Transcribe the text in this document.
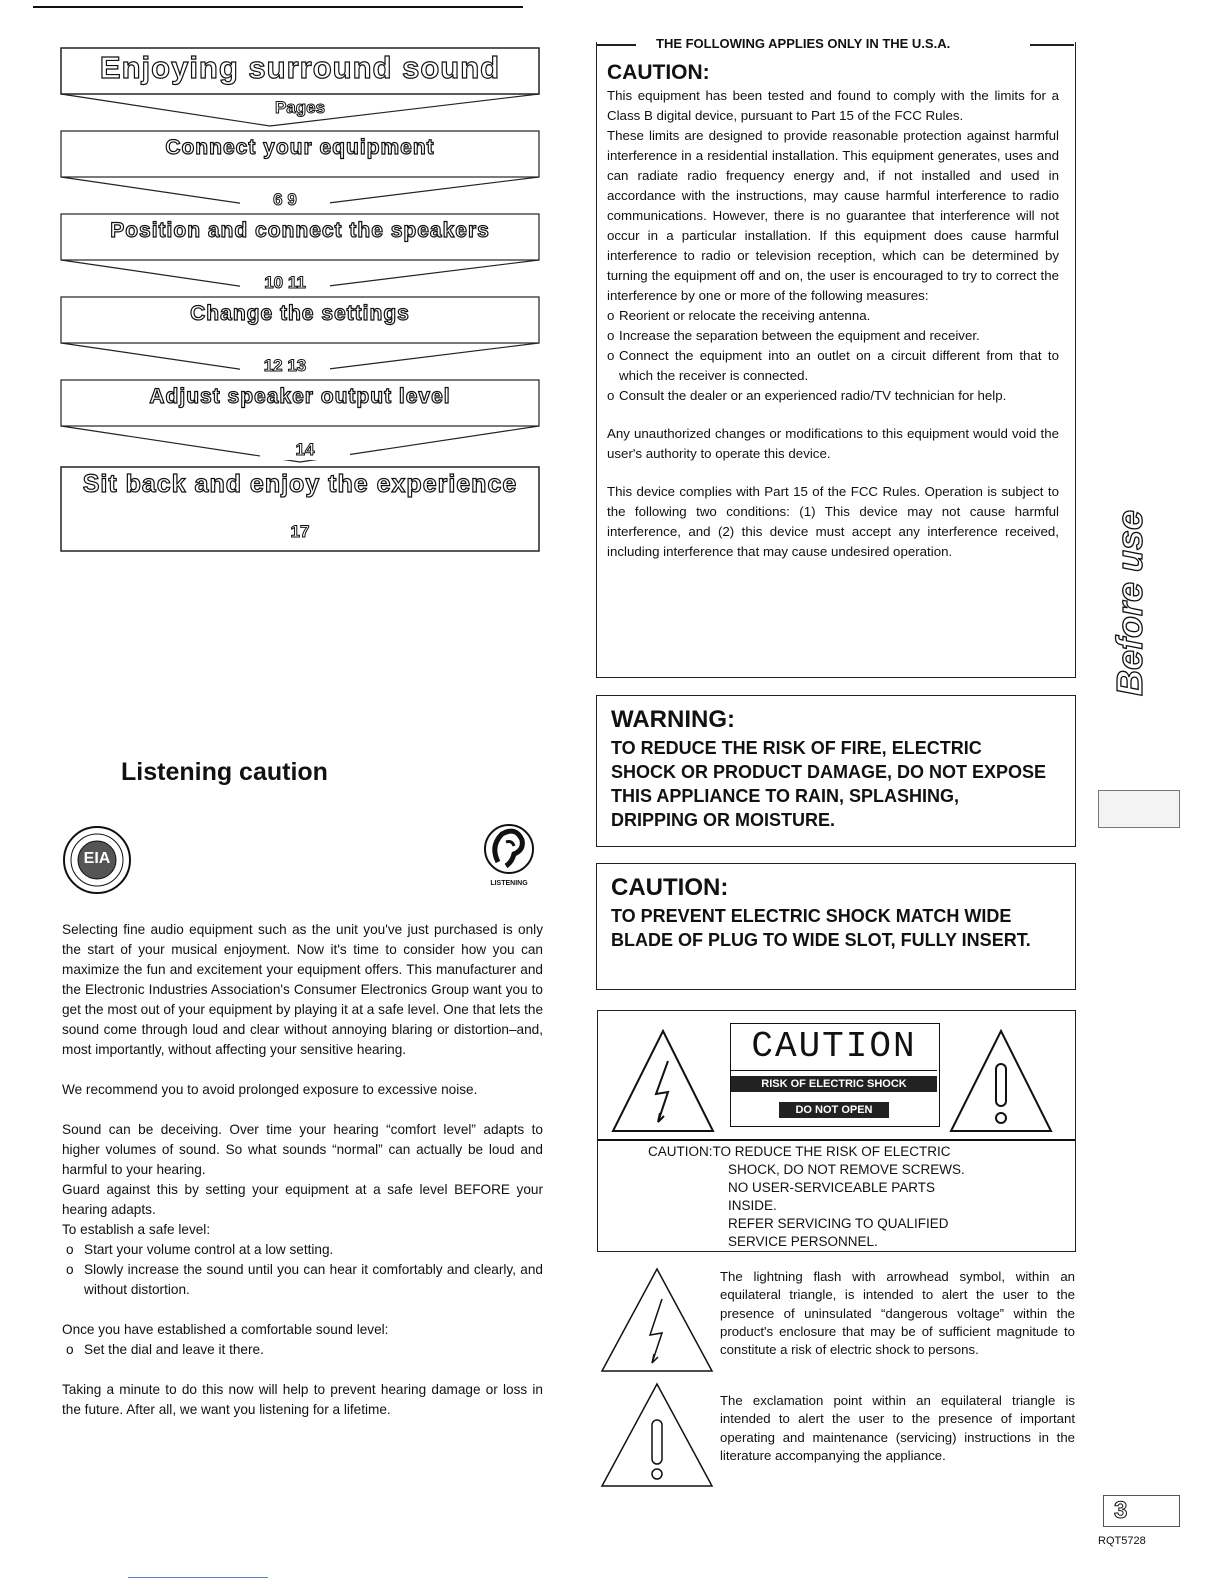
Enjoying surround sound
Pages
Connect your equipment
6 9
Position and connect the speakers
10 11
Change the settings
12 13
Adjust speaker output level
14
Sit back and enjoy the experience
17
Listening caution
EIA
LISTENING

Selecting fine audio equipment such as the unit you've just purchased is only the start of your musical enjoyment. Now it's time to consider how you can maximize the fun and excitement your equipment offers. This manufacturer and the Electronic Industries Association's Consumer Electronics Group want you to get the most out of your equipment by playing it at a safe level. One that lets the sound come through loud and clear without annoying blaring or distortion–and, most importantly, without affecting your sensitive hearing.

We recommend you to avoid prolonged exposure to excessive noise.

Sound can be deceiving. Over time your hearing “comfort level” adapts to higher volumes of sound. So what sounds “normal” can actually be loud and harmful to your hearing.

Guard against this by setting your equipment at a safe level BEFORE your hearing adapts.

To establish a safe level:

o Start your volume control at a low setting.
o Slowly increase the sound until you can hear it comfortably and clearly, and without distortion.

Once you have established a comfortable sound level:

o Set the dial and leave it there.

Taking a minute to do this now will help to prevent hearing damage or loss in the future. After all, we want you listening for a lifetime.

THE FOLLOWING APPLIES ONLY IN THE U.S.A.
CAUTION:

This equipment has been tested and found to comply with the limits for a Class B digital device, pursuant to Part 15 of the FCC Rules.

These limits are designed to provide reasonable protection against harmful interference in a residential installation. This equipment generates, uses and can radiate radio frequency energy and, if not installed and used in accordance with the instructions, may cause harmful interference to radio communications. However, there is no guarantee that interference will not occur in a particular installation. If this equipment does cause harmful interference to radio or television reception, which can be determined by turning the equipment off and on, the user is encouraged to try to correct the interference by one or more of the following measures:

o Reorient or relocate the receiving antenna.
o Increase the separation between the equipment and receiver.
o Connect the equipment into an outlet on a circuit different from that to which the receiver is connected.
o Consult the dealer or an experienced radio/TV technician for help.

Any unauthorized changes or modifications to this equipment would void the user's authority to operate this device.

This device complies with Part 15 of the FCC Rules. Operation is subject to the following two conditions: (1) This device may not cause harmful interference, and (2) this device must accept any interference received, including interference that may cause undesired operation.

WARNING:
TO REDUCE THE RISK OF FIRE, ELECTRIC SHOCK OR PRODUCT DAMAGE, DO NOT EXPOSE THIS APPLIANCE TO RAIN, SPLASHING, DRIPPING OR MOISTURE.
CAUTION:
TO PREVENT ELECTRIC SHOCK MATCH WIDE BLADE OF PLUG TO WIDE SLOT, FULLY INSERT.
CAUTION
RISK OF ELECTRIC SHOCK
DO NOT OPEN
CAUTION: TO REDUCE THE RISK OF ELECTRIC
SHOCK, DO NOT REMOVE SCREWS.
NO USER-SERVICEABLE PARTS
INSIDE.
REFER SERVICING TO QUALIFIED
SERVICE PERSONNEL.
The lightning flash with arrowhead symbol, within an equilateral triangle, is intended to alert the user to the presence of uninsulated “dangerous voltage” within the product's enclosure that may be of sufficient magnitude to constitute a risk of electric shock to persons.
The exclamation point within an equilateral triangle is intended to alert the user to the presence of important operating and maintenance (servicing) instructions in the literature accompanying the appliance.
Before use
3
RQT5728
